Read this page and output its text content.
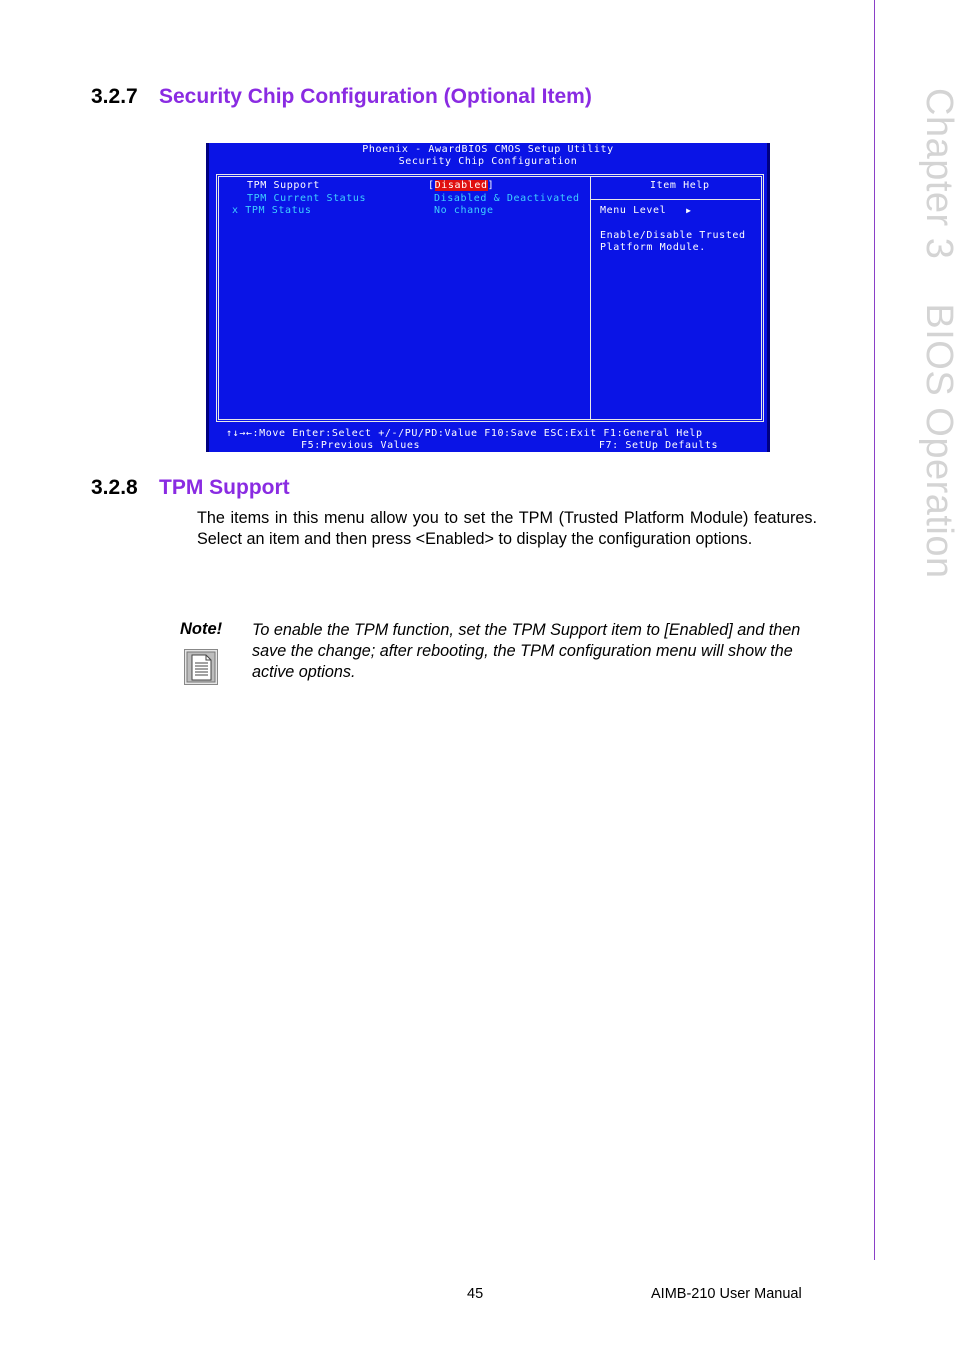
Chapter 3BIOS Operation
3.2.7 Security Chip Configuration (Optional Item)
Phoenix - AwardBIOS CMOS Setup Utility
Security Chip Configuration
TPM Support	[Disabled]
TPM Current Status	Disabled & Deactivated
x TPM Status	No change
Item Help
Menu Level ▶
Enable/Disable Trusted
Platform Module.
↑↓→←:Move Enter:Select +/-/PU/PD:Value F10:Save ESC:Exit F1:General Help
F5:Previous Values                           F7: SetUp Defaults
3.2.8 TPM Support
The items in this menu allow you to set the TPM (Trusted Platform Module) features. Select an item and then press <Enabled> to display the configuration options.
Note! To enable the TPM function, set the TPM Support item to [Enabled] and then save the change; after rebooting, the TPM configuration menu will show the active options.
45	AIMB-210 User Manual
